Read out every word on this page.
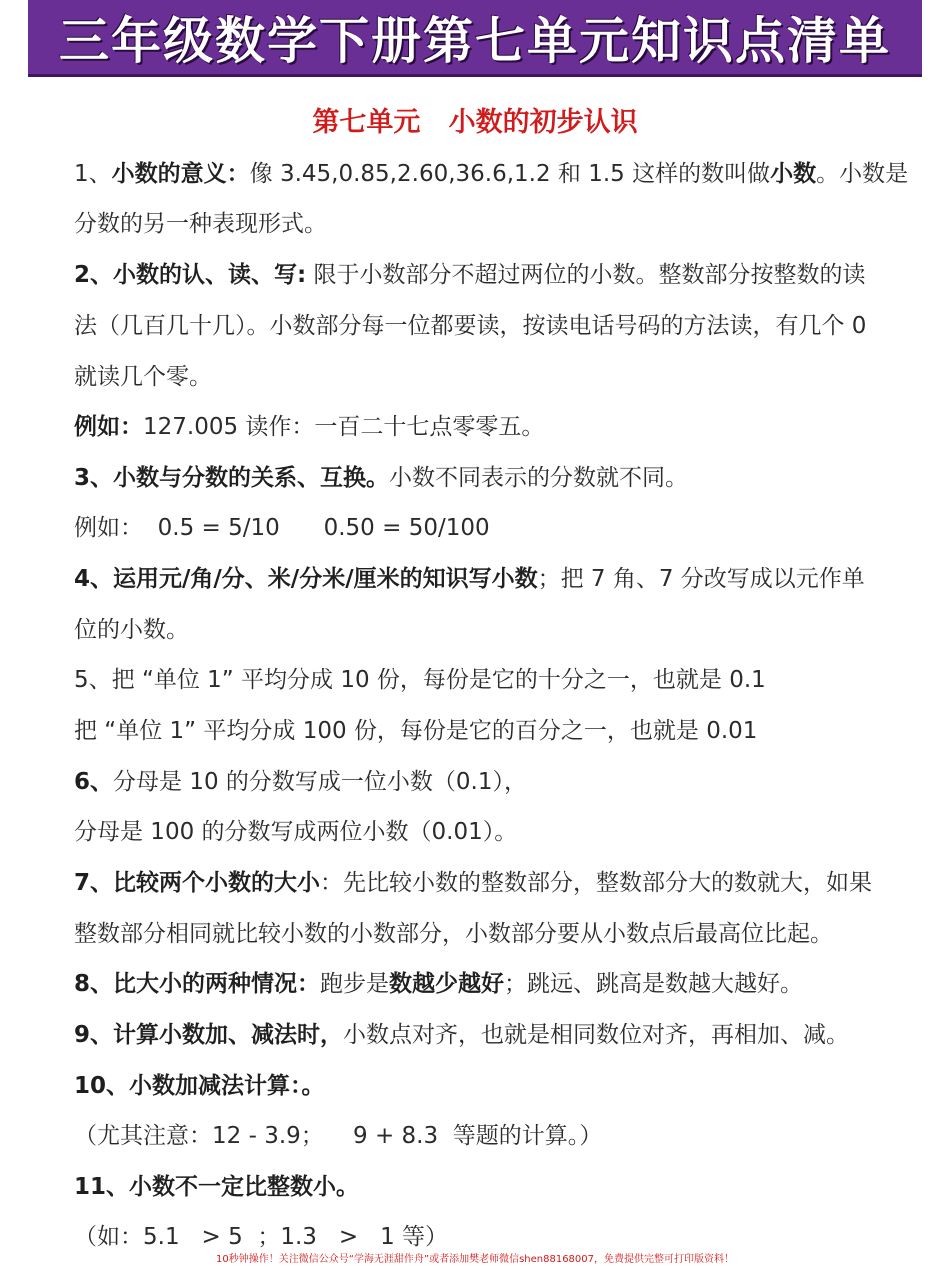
三年级数学下册第七单元知识点清单
第七单元   小数的初步认识
1、小数的意义：像 3.45,0.85,2.60,36.6,1.2 和 1.5 这样的数叫做小数。小数是
分数的另一种表现形式。
2、小数的认、读、写: 限于小数部分不超过两位的小数。整数部分按整数的读
法（几百几十几）。小数部分每一位都要读，按读电话号码的方法读，有几个 0
就读几个零。
例如：127.005 读作：一百二十七点零零五。
3、小数与分数的关系、互换。小数不同表示的分数就不同。
例如：  0.5 = 5/10      0.50 = 50/100
4、运用元/角/分、米/分米/厘米的知识写小数；把 7 角、7 分改写成以元作单
位的小数。
5、把 “单位 1” 平均分成 10 份，每份是它的十分之一，也就是 0.1
把 “单位 1” 平均分成 100 份，每份是它的百分之一，也就是 0.01
6、分母是 10 的分数写成一位小数（0.1），
分母是 100 的分数写成两位小数（0.01）。
7、比较两个小数的大小：先比较小数的整数部分，整数部分大的数就大，如果
整数部分相同就比较小数的小数部分，小数部分要从小数点后最高位比起。
8、比大小的两种情况：跑步是数越少越好；跳远、跳高是数越大越好。
9、计算小数加、减法时，小数点对齐，也就是相同数位对齐，再相加、减。
10、小数加减法计算：。
（尤其注意：12 - 3.9；    9 + 8.3  等题的计算。）
11、小数不一定比整数小。
（如：5.1   > 5  ；1.3   >   1 等）
10秒钟操作！关注微信公众号“学海无涯甜作舟”或者添加樊老师微信shen88168007，免费提供完整可打印版资料！
